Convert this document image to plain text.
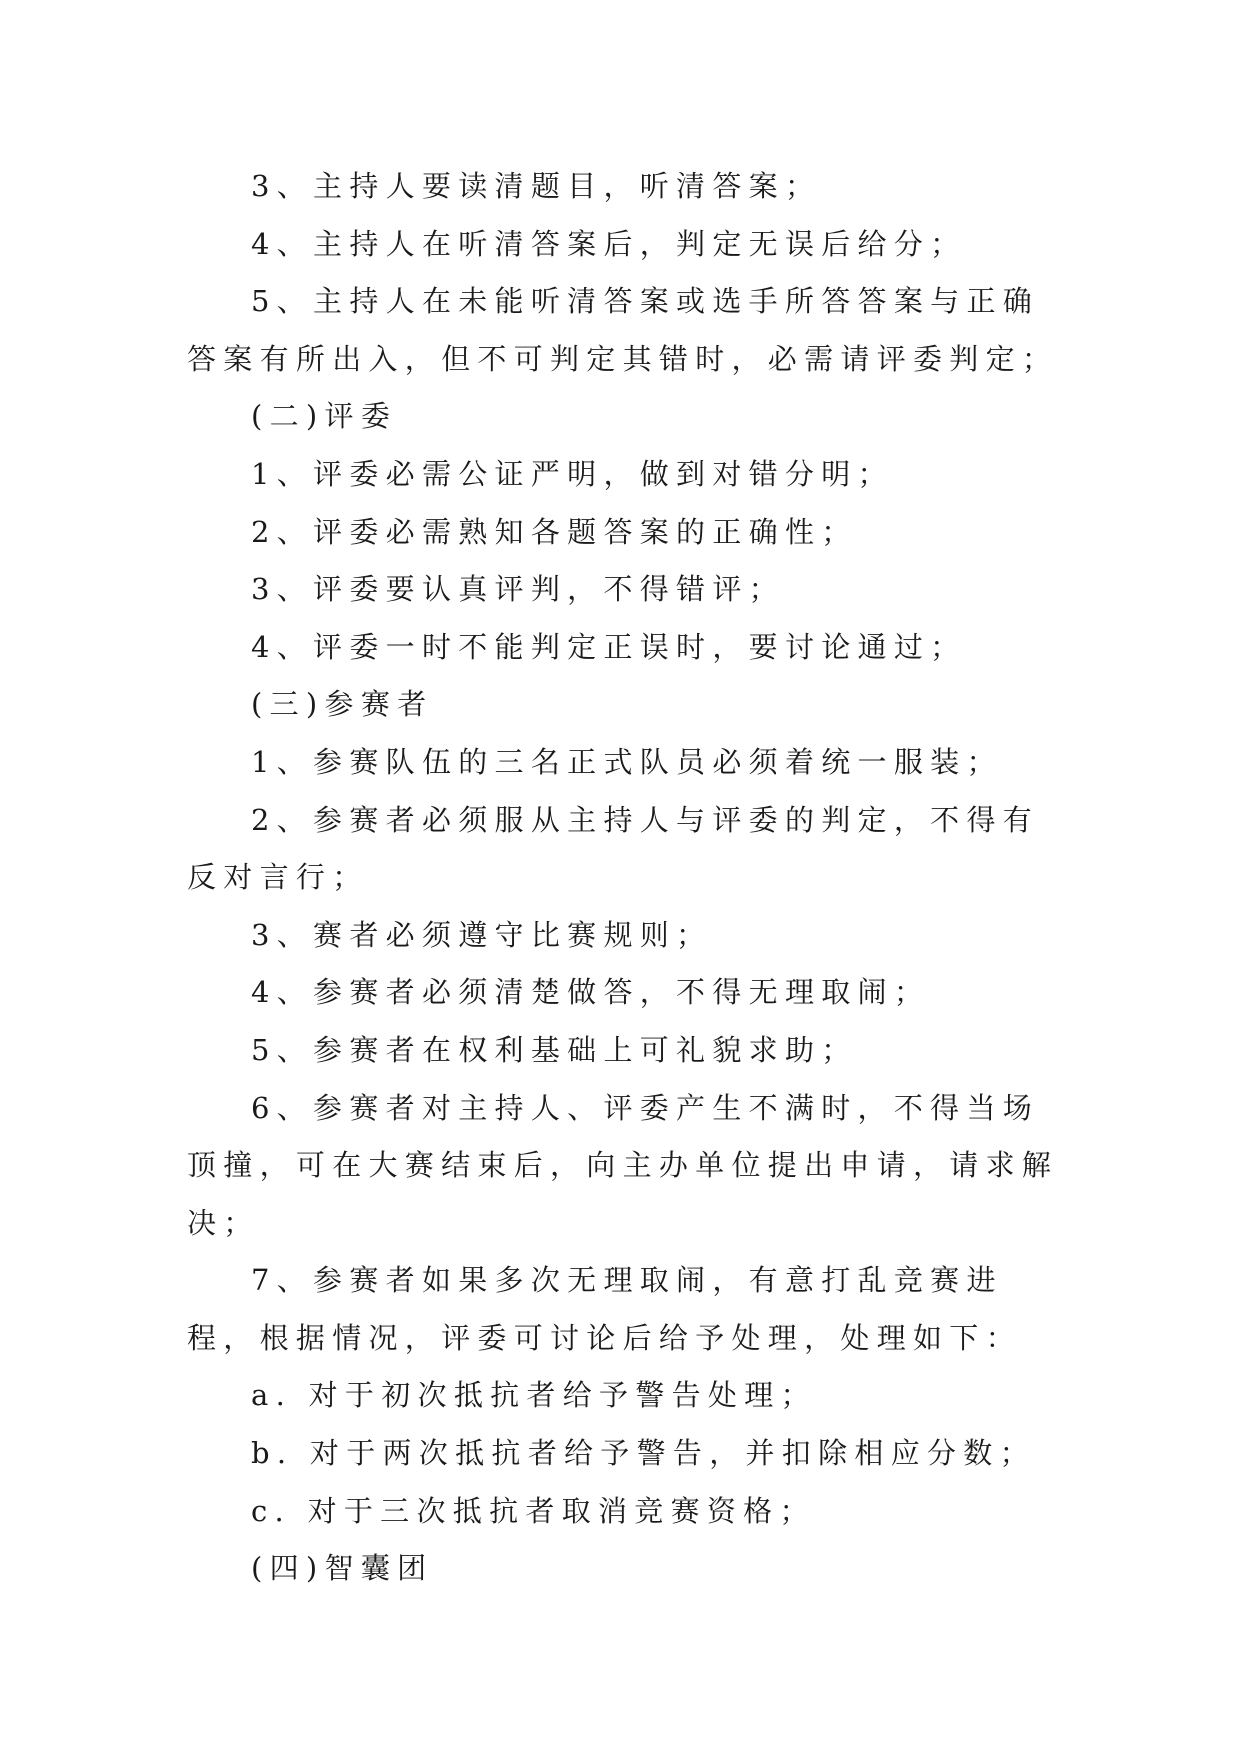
3、主持人要读清题目，听清答案；

4、主持人在听清答案后，判定无误后给分；

5、主持人在未能听清答案或选手所答答案与正确答案有所出入，但不可判定其错时，必需请评委判定；

(二)评委

1、评委必需公证严明，做到对错分明；

2、评委必需熟知各题答案的正确性；

3、评委要认真评判，不得错评；

4、评委一时不能判定正误时，要讨论通过；

(三)参赛者

1、参赛队伍的三名正式队员必须着统一服装；

2、参赛者必须服从主持人与评委的判定，不得有反对言行；

3、赛者必须遵守比赛规则；

4、参赛者必须清楚做答，不得无理取闹；

5、参赛者在权利基础上可礼貌求助；

6、参赛者对主持人、评委产生不满时，不得当场顶撞，可在大赛结束后，向主办单位提出申请，请求解决；

7、参赛者如果多次无理取闹，有意打乱竞赛进程，根据情况，评委可讨论后给予处理，处理如下：

a. 对于初次抵抗者给予警告处理；

b. 对于两次抵抗者给予警告，并扣除相应分数；

c. 对于三次抵抗者取消竞赛资格；

(四)智囊团
